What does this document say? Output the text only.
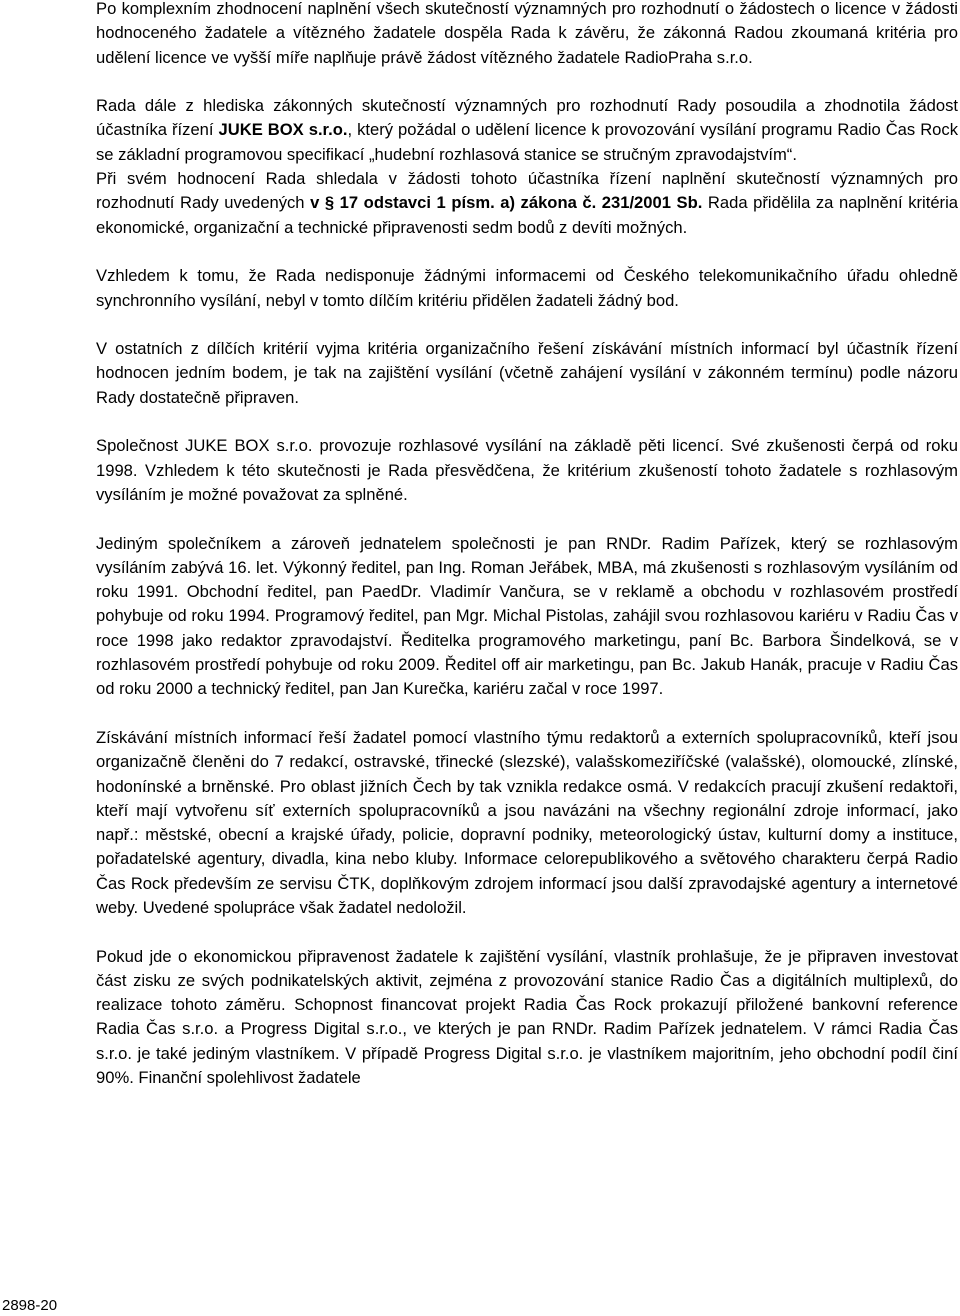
Po komplexním zhodnocení naplnění všech skutečností významných pro rozhodnutí o žádostech o licence v žádosti hodnoceného žadatele a vítězného žadatele dospěla Rada k závěru, že zákonná Radou zkoumaná kritéria pro udělení licence ve vyšší míře naplňuje právě žádost vítězného žadatele RadioPraha s.r.o.

Rada dále z hlediska zákonných skutečností významných pro rozhodnutí Rady posoudila a zhodnotila žádost účastníka řízení JUKE BOX s.r.o., který požádal o udělení licence k provozování vysílání programu Radio Čas Rock se základní programovou specifikací „hudební rozhlasová stanice se stručným zpravodajstvím“.

Při svém hodnocení Rada shledala v žádosti tohoto účastníka řízení naplnění skutečností významných pro rozhodnutí Rady uvedených v § 17 odstavci 1 písm. a) zákona č. 231/2001 Sb. Rada přidělila za naplnění kritéria ekonomické, organizační a technické připravenosti sedm bodů z devíti možných.

Vzhledem k tomu, že Rada nedisponuje žádnými informacemi od Českého telekomunikačního úřadu ohledně synchronního vysílání, nebyl v tomto dílčím kritériu přidělen žadateli žádný bod.

V ostatních z dílčích kritérií vyjma kritéria organizačního řešení získávání místních informací byl účastník řízení hodnocen jedním bodem, je tak na zajištění vysílání (včetně zahájení vysílání v zákonném termínu) podle názoru Rady dostatečně připraven.

Společnost JUKE BOX s.r.o. provozuje rozhlasové vysílání na základě pěti licencí. Své zkušenosti čerpá od roku 1998. Vzhledem k této skutečnosti je Rada přesvědčena, že kritérium zkušeností tohoto žadatele s rozhlasovým vysíláním je možné považovat za splněné.

Jediným společníkem a zároveň jednatelem společnosti je pan RNDr. Radim Pařízek, který se rozhlasovým vysíláním zabývá 16. let. Výkonný ředitel, pan Ing. Roman Jeřábek, MBA, má zkušenosti s rozhlasovým vysíláním od roku 1991. Obchodní ředitel, pan PaedDr. Vladimír Vančura, se v reklamě a obchodu v rozhlasovém prostředí pohybuje od roku 1994. Programový ředitel, pan Mgr. Michal Pistolas, zahájil svou rozhlasovou kariéru v Radiu Čas v roce 1998 jako redaktor zpravodajství. Ředitelka programového marketingu, paní Bc. Barbora Šindelková, se v rozhlasovém prostředí pohybuje od roku 2009. Ředitel off air marketingu, pan Bc. Jakub Hanák, pracuje v Radiu Čas od roku 2000 a technický ředitel, pan Jan Kurečka, kariéru začal v roce 1997.

Získávání místních informací řeší žadatel pomocí vlastního týmu redaktorů a externích spolupracovníků, kteří jsou organizačně členěni do 7 redakcí, ostravské, třinecké (slezské), valašskomeziříčské (valašské), olomoucké, zlínské, hodonínské a brněnské. Pro oblast jižních Čech by tak vznikla redakce osmá. V redakcích pracují zkušení redaktoři, kteří mají vytvořenu síť externích spolupracovníků a jsou navázáni na všechny regionální zdroje informací, jako např.: městské, obecní a krajské úřady, policie, dopravní podniky, meteorologický ústav, kulturní domy a instituce, pořadatelské agentury, divadla, kina nebo kluby. Informace celorepublikového a světového charakteru čerpá Radio Čas Rock především ze servisu ČTK, doplňkovým zdrojem informací jsou další zpravodajské agentury a internetové weby. Uvedené spolupráce však žadatel nedoložil.

Pokud jde o ekonomickou připravenost žadatele k zajištění vysílání, vlastník prohlašuje, že je připraven investovat část zisku ze svých podnikatelských aktivit, zejména z provozování stanice Radio Čas a digitálních multiplexů, do realizace tohoto záměru. Schopnost financovat projekt Radia Čas Rock prokazují přiložené bankovní reference Radia Čas s.r.o. a Progress Digital s.r.o., ve kterých je pan RNDr. Radim Pařízek jednatelem. V rámci Radia Čas s.r.o. je také jediným vlastníkem. V případě Progress Digital s.r.o. je vlastníkem majoritním, jeho obchodní podíl činí 90%. Finanční spolehlivost žadatele

2898-20
